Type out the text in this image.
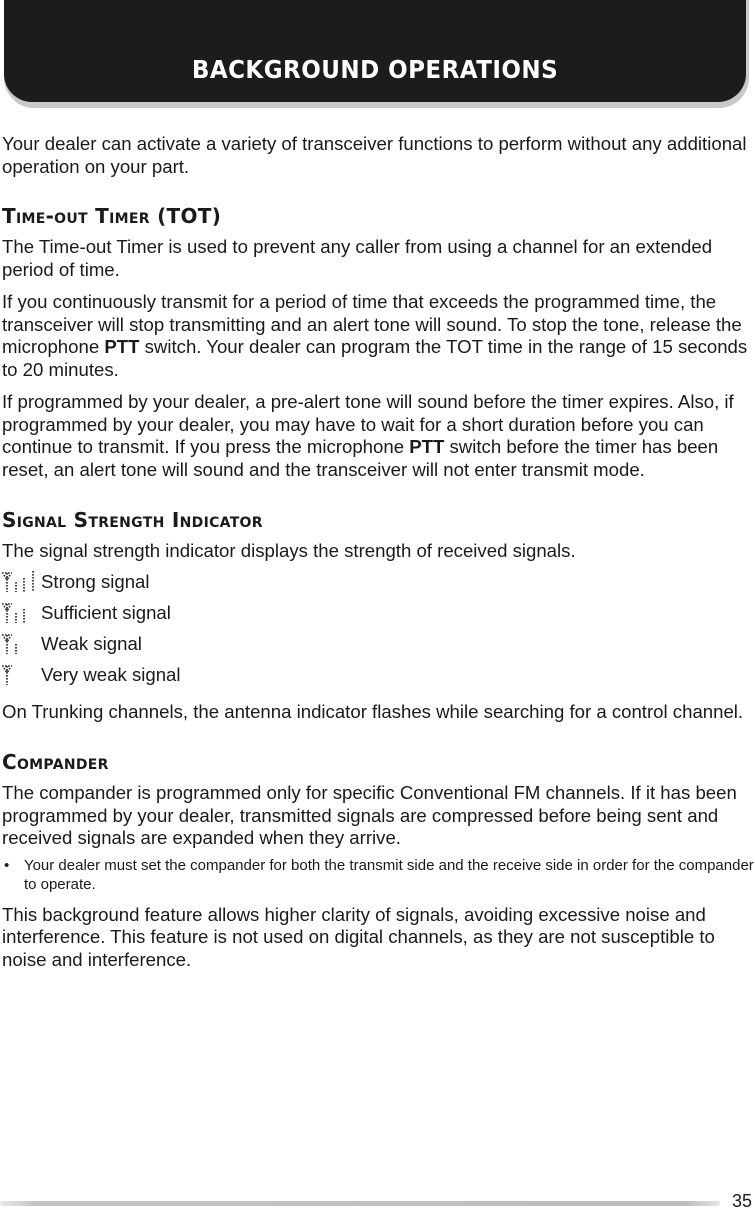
BACKGROUND OPERATIONS

Your dealer can activate a variety of transceiver functions to perform without any additional operation on your part.

TIME-OUT TIMER (TOT)

The Time-out Timer is used to prevent any caller from using a channel for an extended period of time.

If you continuously transmit for a period of time that exceeds the programmed time, the transceiver will stop transmitting and an alert tone will sound. To stop the tone, release the microphone PTT switch. Your dealer can program the TOT time in the range of 15 seconds to 20 minutes.

If programmed by your dealer, a pre-alert tone will sound before the timer expires. Also, if programmed by your dealer, you may have to wait for a short duration before you can continue to transmit. If you press the microphone PTT switch before the timer has been reset, an alert tone will sound and the transceiver will not enter transmit mode.

SIGNAL STRENGTH INDICATOR

The signal strength indicator displays the strength of received signals.

Strong signal
Sufficient signal
Weak signal
Very weak signal

On Trunking channels, the antenna indicator flashes while searching for a control channel.

COMPANDER

The compander is programmed only for specific Conventional FM channels. If it has been programmed by your dealer, transmitted signals are compressed before being sent and received signals are expanded when they arrive.

• Your dealer must set the compander for both the transmit side and the receive side in order for the compander to operate.

This background feature allows higher clarity of signals, avoiding excessive noise and interference. This feature is not used on digital channels, as they are not susceptible to noise and interference.

35
